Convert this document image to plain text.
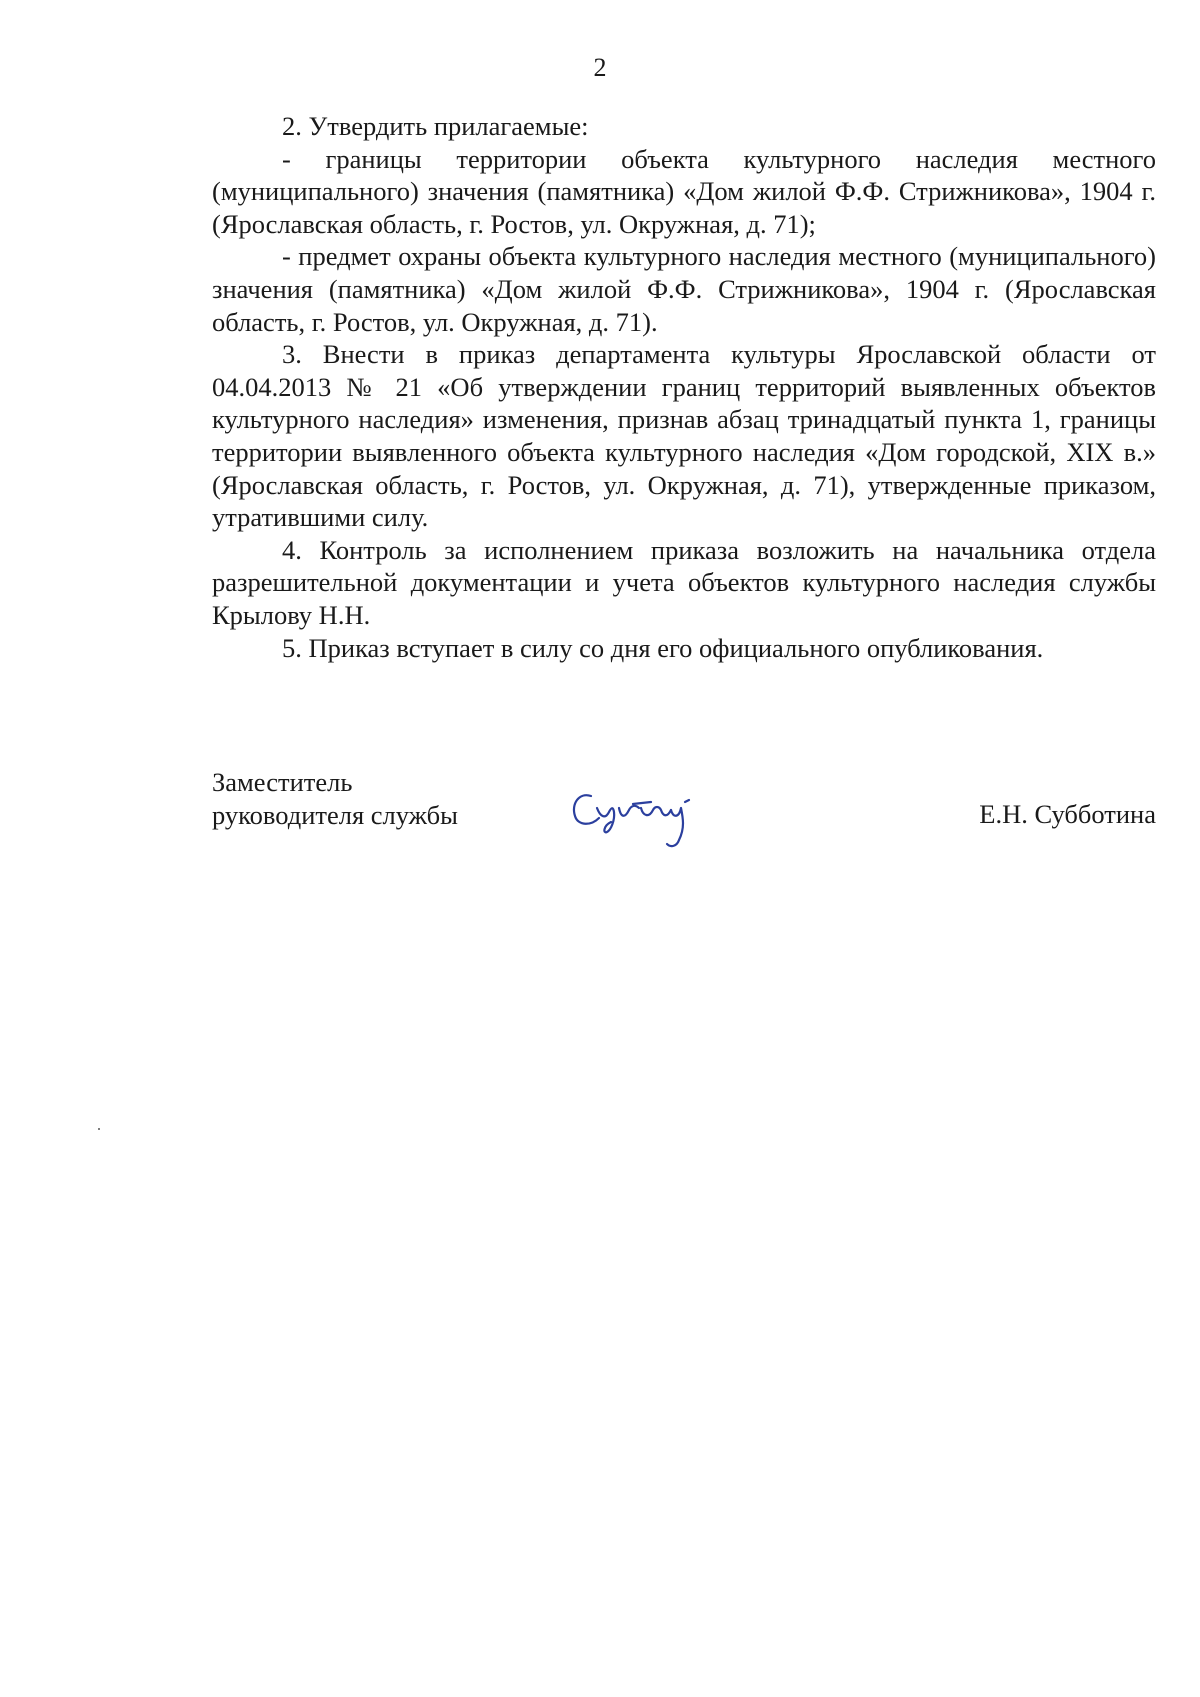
2

2. Утвердить прилагаемые:

- границы территории объекта культурного наследия местного (муниципального) значения (памятника) «Дом жилой Ф.Ф. Стрижникова», 1904 г. (Ярославская область, г. Ростов, ул. Окружная, д. 71);

- предмет охраны объекта культурного наследия местного (муниципального) значения (памятника) «Дом жилой Ф.Ф. Стрижникова», 1904 г. (Ярославская область, г. Ростов, ул. Окружная, д. 71).

3. Внести в приказ департамента культуры Ярославской области от 04.04.2013 № 21 «Об утверждении границ территорий выявленных объектов культурного наследия» изменения, признав абзац тринадцатый пункта 1, границы территории выявленного объекта культурного наследия «Дом городской, XIX в.» (Ярославская область, г. Ростов, ул. Окружная, д. 71), утвержденные приказом, утратившими силу.

4. Контроль за исполнением приказа возложить на начальника отдела разрешительной документации и учета объектов культурного наследия службы Крылову Н.Н.

5. Приказ вступает в силу со дня его официального опубликования.

Заместитель
руководителя службы	Е.Н. Субботина
